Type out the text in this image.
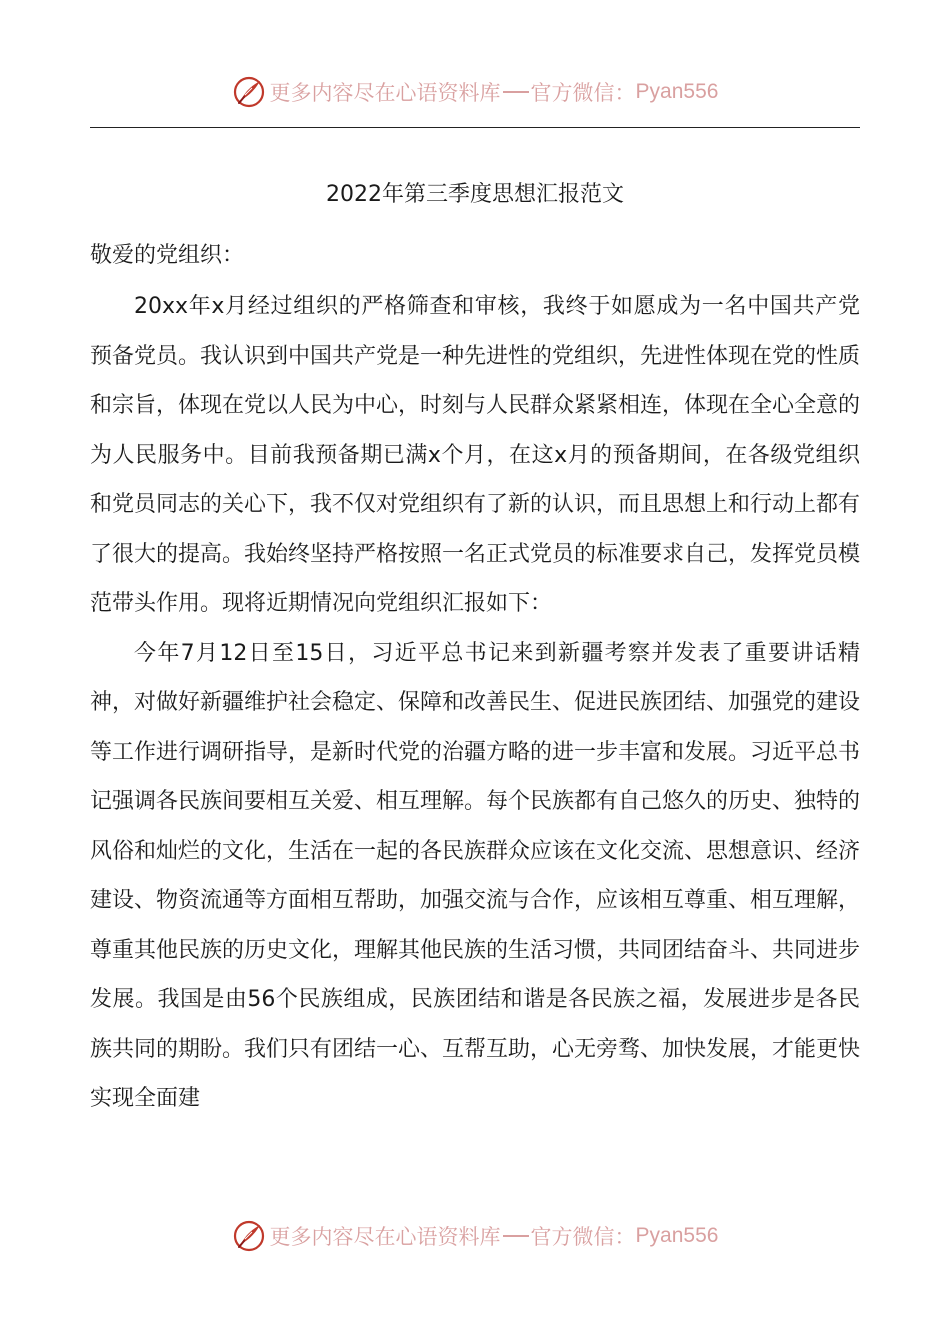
更多内容尽在心语资料库 官方微信： Pyan556
2022年第三季度思想汇报范文

敬爱的党组织：

20xx年x月经过组织的严格筛查和审核，我终于如愿成为一名中国共产党预备党员。我认识到中国共产党是一种先进性的党组织，先进性体现在党的性质和宗旨，体现在党以人民为中心，时刻与人民群众紧紧相连，体现在全心全意的为人民服务中。目前我预备期已满x个月，在这x月的预备期间，在各级党组织和党员同志的关心下，我不仅对党组织有了新的认识，而且思想上和行动上都有了很大的提高。我始终坚持严格按照一名正式党员的标准要求自己，发挥党员模范带头作用。现将近期情况向党组织汇报如下：

今年7月12日至15日，习近平总书记来到新疆考察并发表了重要讲话精神，对做好新疆维护社会稳定、保障和改善民生、促进民族团结、加强党的建设等工作进行调研指导，是新时代党的治疆方略的进一步丰富和发展。习近平总书记强调各民族间要相互关爱、相互理解。每个民族都有自己悠久的历史、独特的风俗和灿烂的文化，生活在一起的各民族群众应该在文化交流、思想意识、经济建设、物资流通等方面相互帮助，加强交流与合作，应该相互尊重、相互理解，尊重其他民族的历史文化，理解其他民族的生活习惯，共同团结奋斗、共同进步发展。我国是由56个民族组成，民族团结和谐是各民族之福，发展进步是各民族共同的期盼。我们只有团结一心、互帮互助，心无旁骛、加快发展，才能更快实现全面建

更多内容尽在心语资料库 官方微信： Pyan556
